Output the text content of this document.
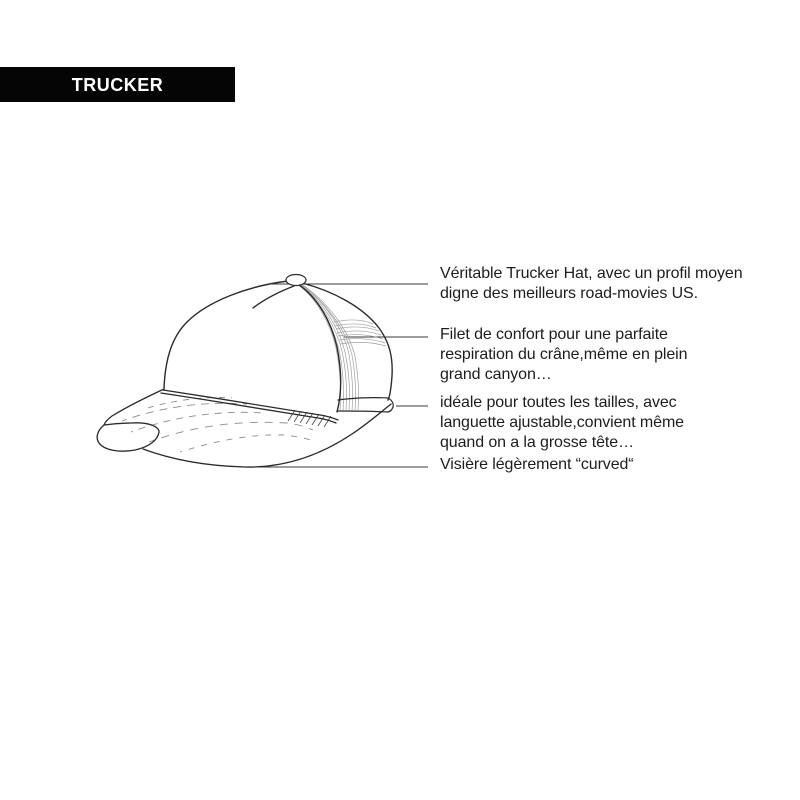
TRUCKER
Véritable Trucker Hat, avec un profil moyen
digne des meilleurs road-movies US.
Filet de confort pour une parfaite
respiration du crâne,même en plein
grand canyon…
idéale pour toutes les tailles, avec
languette ajustable,convient même
quand on a la grosse tête…
Visière légèrement “curved“
